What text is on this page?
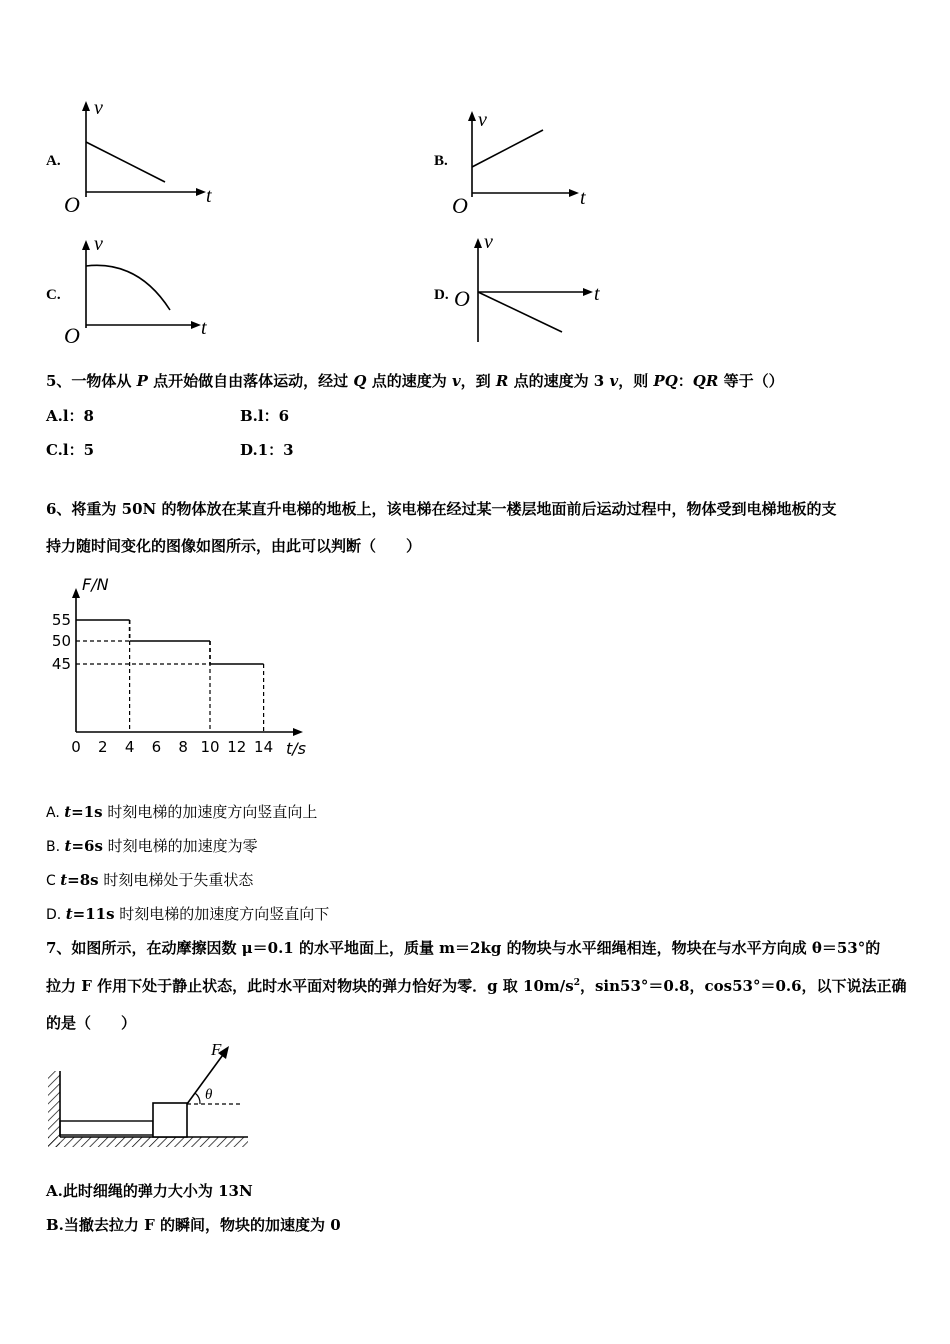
A.
v
t
O
B.
v
t
O
C.
v
t
O
D.
v
t
O
5、一物体从 P 点开始做自由落体运动，经过 Q 点的速度为 v，到 R 点的速度为 3 v，则 PQ：QR 等于（）
A.l：8	B.l：6
C.l：5	D.1：3
6、将重为 50N 的物体放在某直升电梯的地板上，该电梯在经过某一楼层地面前后运动过程中，物体受到电梯地板的支
持力随时间变化的图像如图所示，由此可以判断（　　）
F/N
t/s
0 2 4 6 8 10 12 14
55
50
45
A. t=1s 时刻电梯的加速度方向竖直向上
B. t=6s 时刻电梯的加速度为零
C t=8s 时刻电梯处于失重状态
D. t=11s 时刻电梯的加速度方向竖直向下
7、如图所示，在动摩擦因数 μ＝0.1 的水平地面上，质量 m＝2kg 的物块与水平细绳相连，物块在与水平方向成 θ＝53°的
拉力 F 作用下处于静止状态，此时水平面对物块的弹力恰好为零．g 取 $10m/s^2$，sin53°＝0.8，cos53°＝0.6，以下说法正确
的是（　　）
F
θ
A.此时细绳的弹力大小为 13N
B.当撤去拉力 F 的瞬间，物块的加速度为 0
